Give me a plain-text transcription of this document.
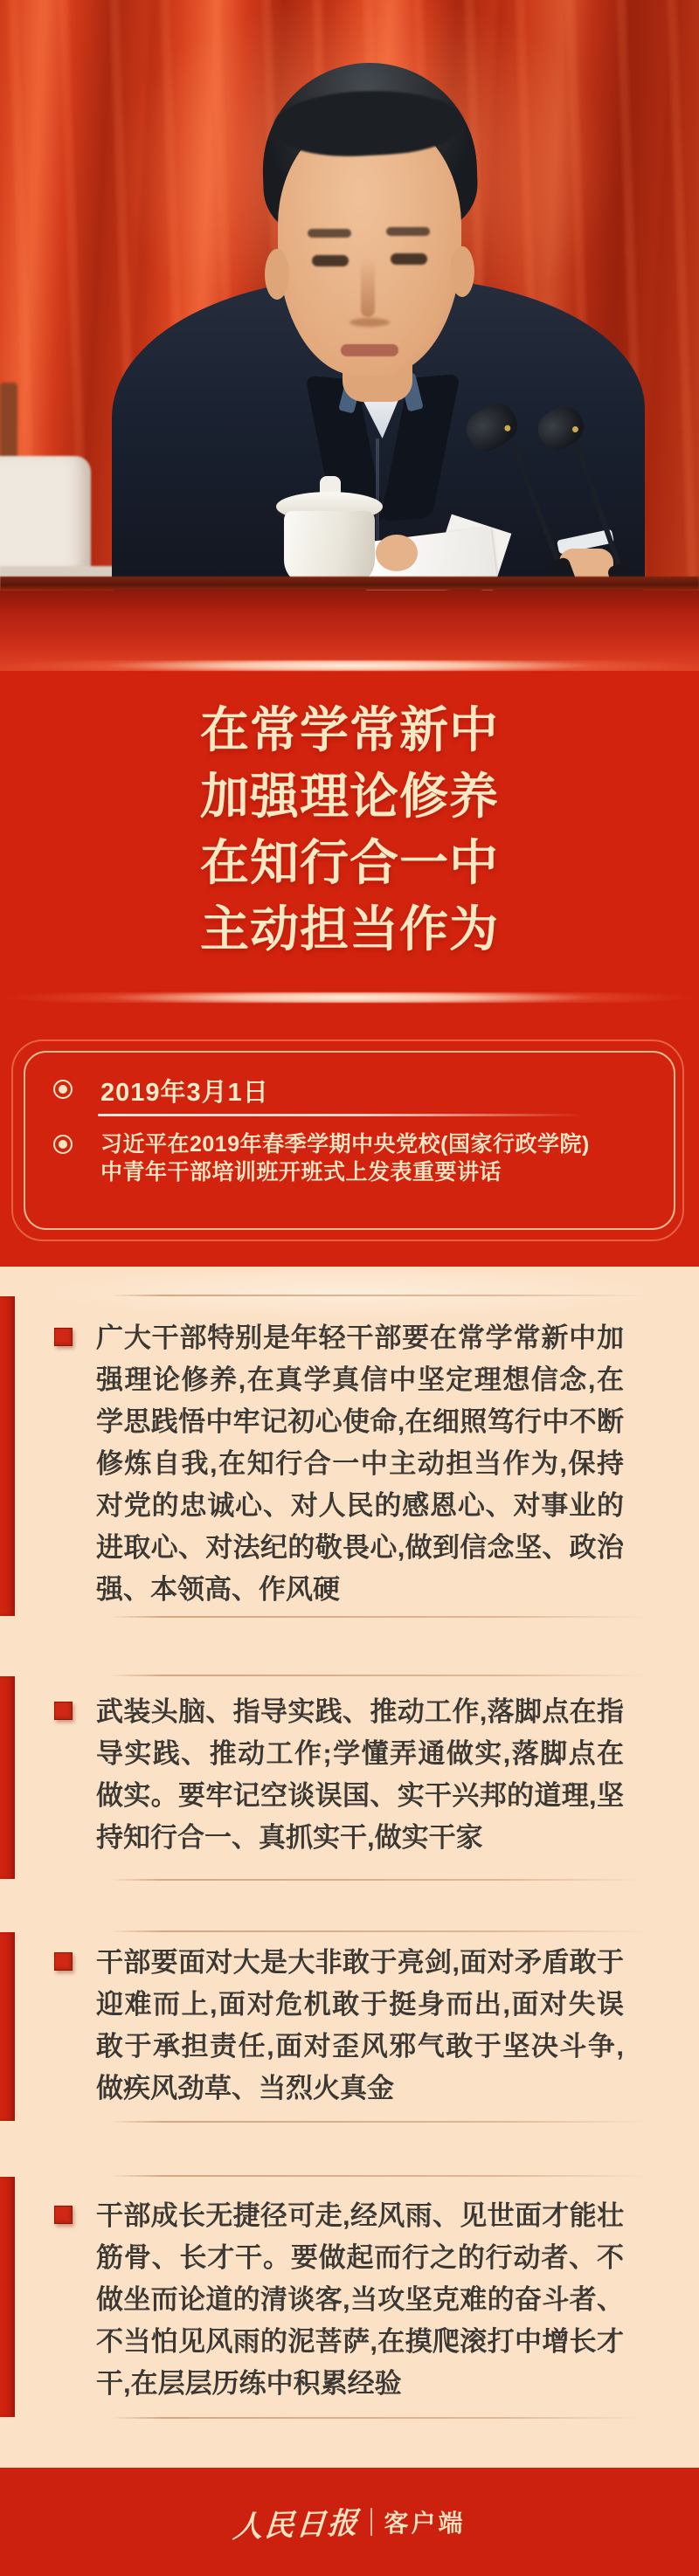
在常学常新中
加强理论修养
在知行合一中
主动担当作为
2019年3月1日
习近平在2019年春季学期中央党校(国家行政学院)
中青年干部培训班开班式上发表重要讲话
广大干部特别是年轻干部要在常学常新中加强理论修养,在真学真信中坚定理想信念,在学思践悟中牢记初心使命,在细照笃行中不断修炼自我,在知行合一中主动担当作为,保持对党的忠诚心、对人民的感恩心、对事业的进取心、对法纪的敬畏心,做到信念坚、政治强、本领高、作风硬
武装头脑、指导实践、推动工作,落脚点在指导实践、推动工作;学懂弄通做实,落脚点在做实。要牢记空谈误国、实干兴邦的道理,坚持知行合一、真抓实干,做实干家
干部要面对大是大非敢于亮剑,面对矛盾敢于迎难而上,面对危机敢于挺身而出,面对失误敢于承担责任,面对歪风邪气敢于坚决斗争,做疾风劲草、当烈火真金
干部成长无捷径可走,经风雨、见世面才能壮筋骨、长才干。要做起而行之的行动者、不做坐而论道的清谈客,当攻坚克难的奋斗者、不当怕见风雨的泥菩萨,在摸爬滚打中增长才干,在层层历练中积累经验
人民日报 客户端
